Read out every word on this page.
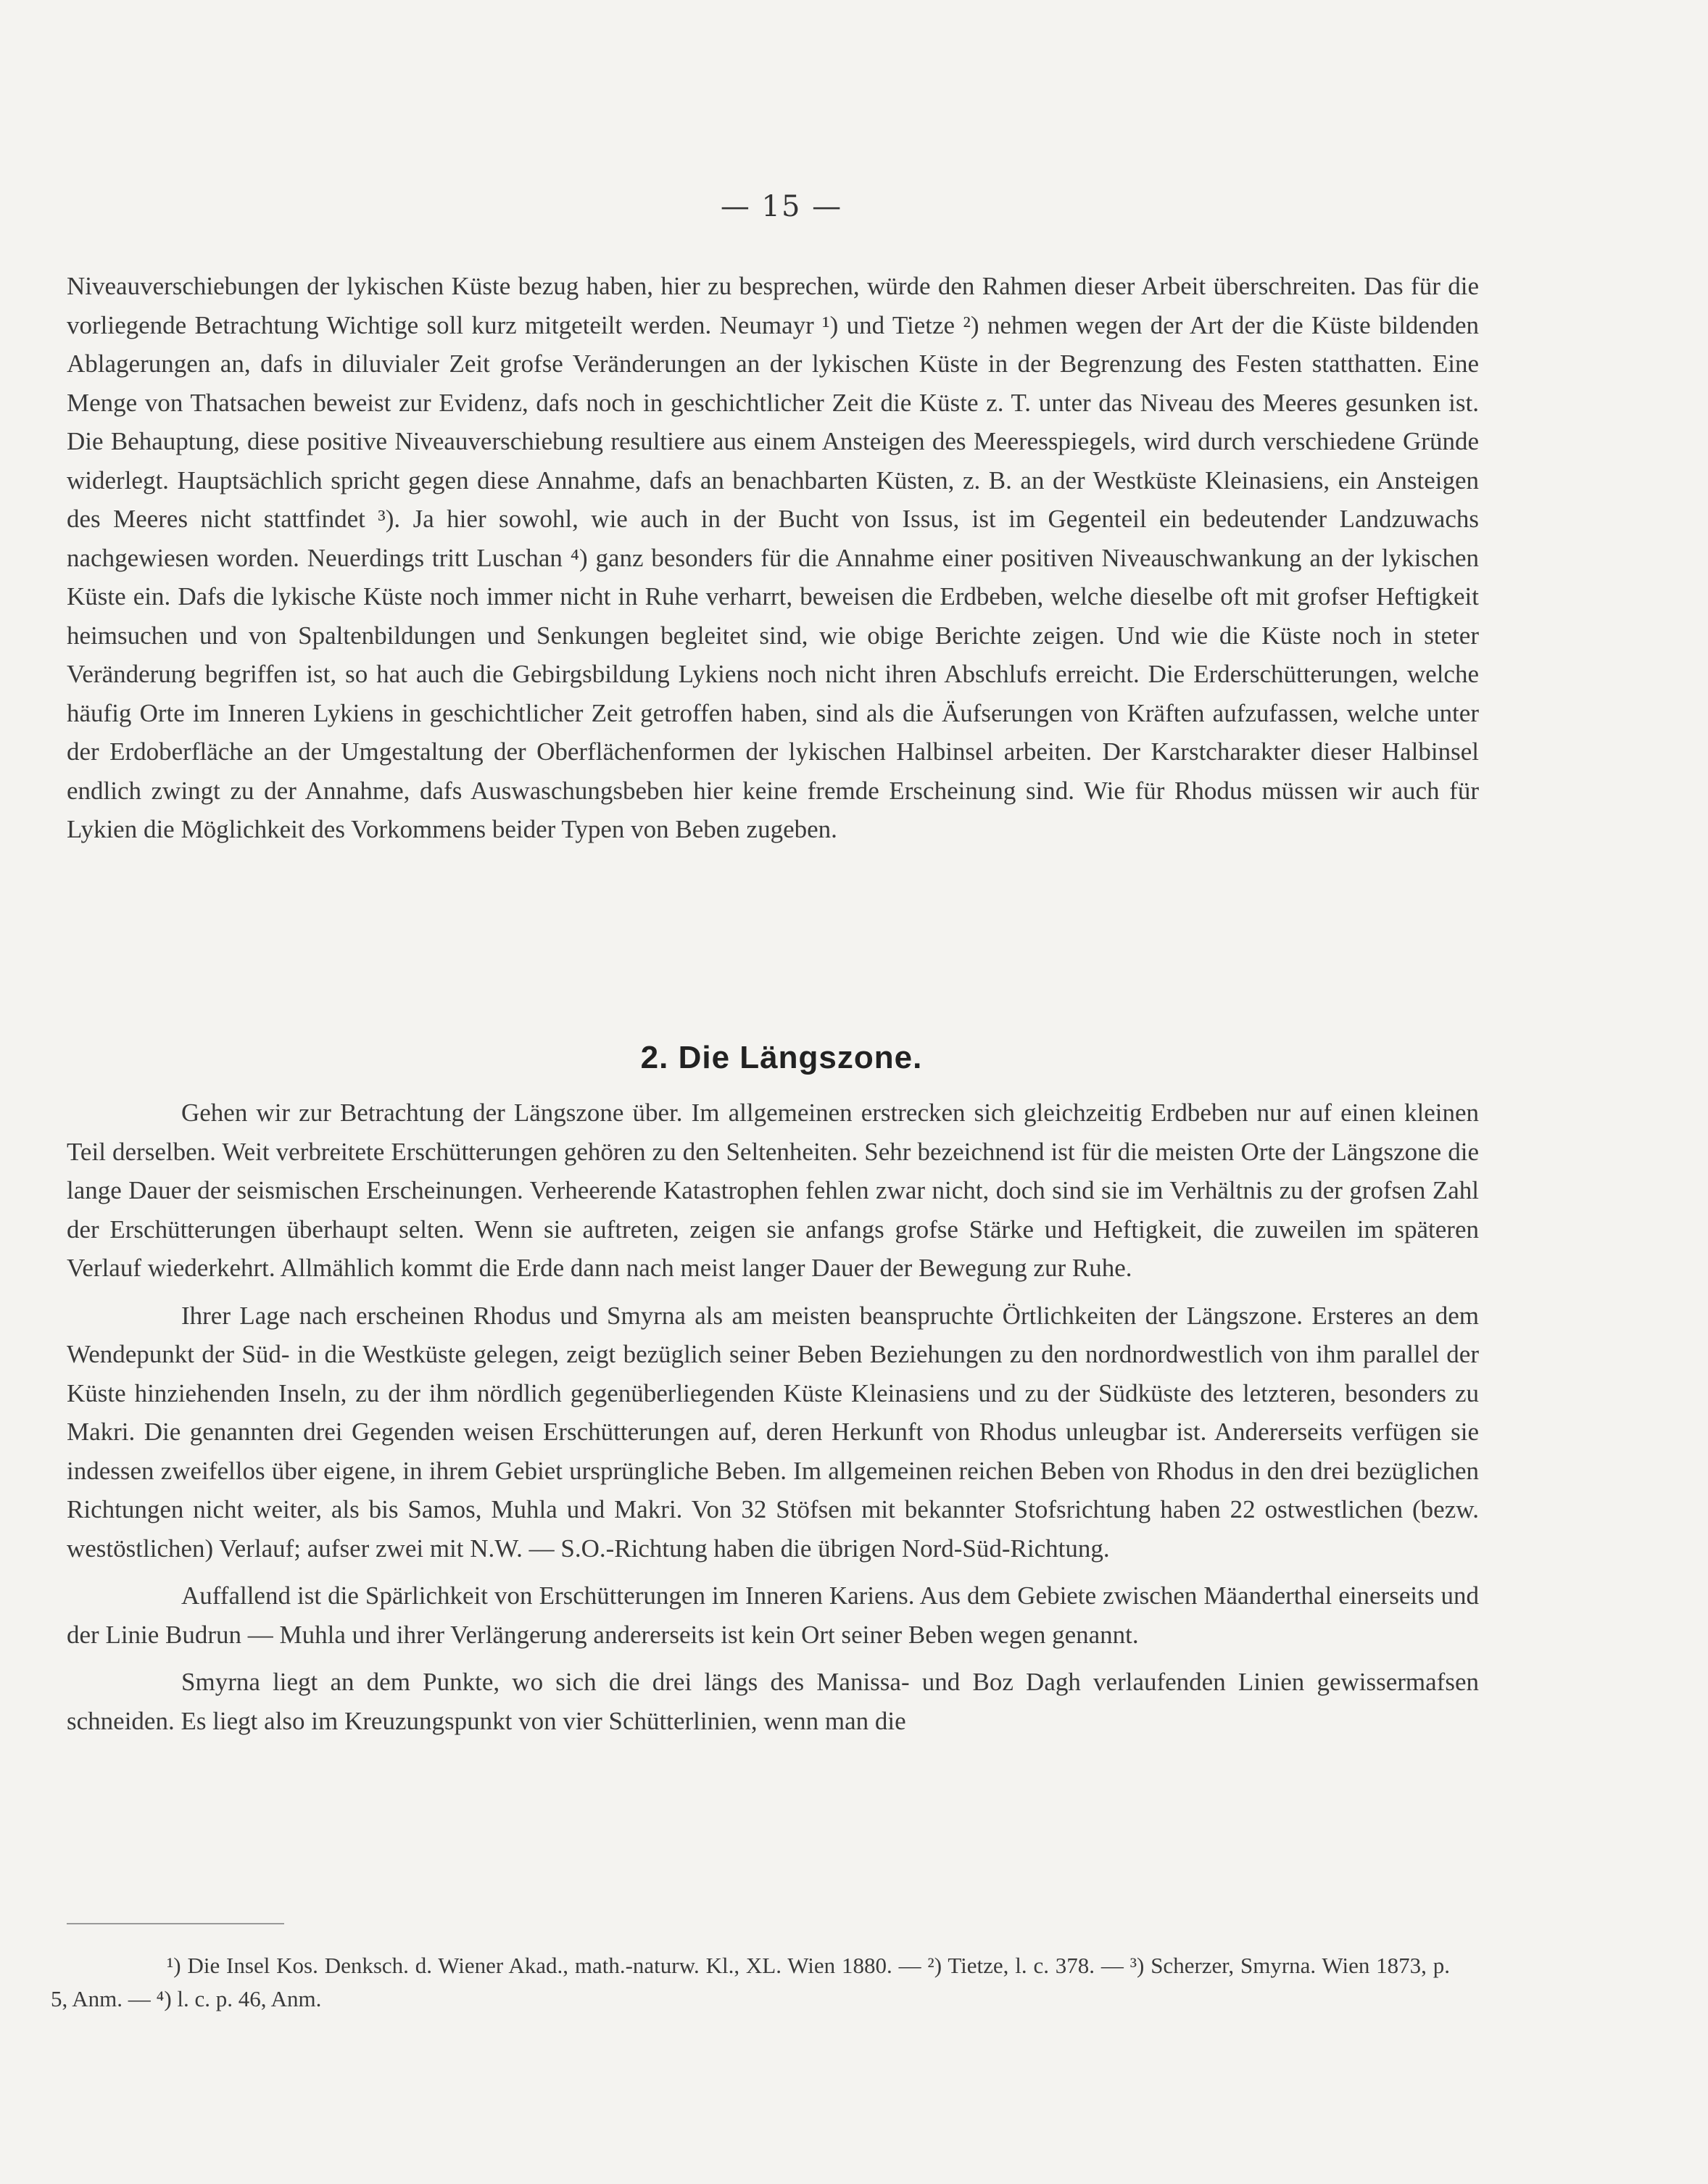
— 15 —

Niveauverschiebungen der lykischen Küste bezug haben, hier zu besprechen, würde den Rahmen dieser Arbeit überschreiten. Das für die vorliegende Betrachtung Wichtige soll kurz mitgeteilt werden. Neumayr ¹) und Tietze ²) nehmen wegen der Art der die Küste bildenden Ablagerungen an, dafs in diluvialer Zeit grofse Veränderungen an der lykischen Küste in der Begrenzung des Festen statthatten. Eine Menge von Thatsachen beweist zur Evidenz, dafs noch in geschichtlicher Zeit die Küste z. T. unter das Niveau des Meeres gesunken ist. Die Behauptung, diese positive Niveauverschiebung resultiere aus einem Ansteigen des Meeresspiegels, wird durch verschiedene Gründe widerlegt. Hauptsächlich spricht gegen diese Annahme, dafs an benachbarten Küsten, z. B. an der Westküste Kleinasiens, ein Ansteigen des Meeres nicht stattfindet ³). Ja hier sowohl, wie auch in der Bucht von Issus, ist im Gegenteil ein bedeutender Landzuwachs nachgewiesen worden. Neuerdings tritt Luschan ⁴) ganz besonders für die Annahme einer positiven Niveauschwankung an der lykischen Küste ein. Dafs die lykische Küste noch immer nicht in Ruhe verharrt, beweisen die Erdbeben, welche dieselbe oft mit grofser Heftigkeit heimsuchen und von Spaltenbildungen und Senkungen begleitet sind, wie obige Berichte zeigen. Und wie die Küste noch in steter Veränderung begriffen ist, so hat auch die Gebirgsbildung Lykiens noch nicht ihren Abschlufs erreicht. Die Erderschütterungen, welche häufig Orte im Inneren Lykiens in geschichtlicher Zeit getroffen haben, sind als die Äufserungen von Kräften aufzufassen, welche unter der Erdoberfläche an der Umgestaltung der Oberflächenformen der lykischen Halbinsel arbeiten. Der Karstcharakter dieser Halbinsel endlich zwingt zu der Annahme, dafs Auswaschungsbeben hier keine fremde Erscheinung sind. Wie für Rhodus müssen wir auch für Lykien die Möglichkeit des Vorkommens beider Typen von Beben zugeben.

2. Die Längszone.

Gehen wir zur Betrachtung der Längszone über. Im allgemeinen erstrecken sich gleichzeitig Erdbeben nur auf einen kleinen Teil derselben. Weit verbreitete Erschütterungen gehören zu den Seltenheiten. Sehr bezeichnend ist für die meisten Orte der Längszone die lange Dauer der seismischen Erscheinungen. Verheerende Katastrophen fehlen zwar nicht, doch sind sie im Verhältnis zu der grofsen Zahl der Erschütterungen überhaupt selten. Wenn sie auftreten, zeigen sie anfangs grofse Stärke und Heftigkeit, die zuweilen im späteren Verlauf wiederkehrt. Allmählich kommt die Erde dann nach meist langer Dauer der Bewegung zur Ruhe.

Ihrer Lage nach erscheinen Rhodus und Smyrna als am meisten beanspruchte Örtlichkeiten der Längszone. Ersteres an dem Wendepunkt der Süd- in die Westküste gelegen, zeigt bezüglich seiner Beben Beziehungen zu den nordnordwestlich von ihm parallel der Küste hinziehenden Inseln, zu der ihm nördlich gegenüberliegenden Küste Kleinasiens und zu der Südküste des letzteren, besonders zu Makri. Die genannten drei Gegenden weisen Erschütterungen auf, deren Herkunft von Rhodus unleugbar ist. Andererseits verfügen sie indessen zweifellos über eigene, in ihrem Gebiet ursprüngliche Beben. Im allgemeinen reichen Beben von Rhodus in den drei bezüglichen Richtungen nicht weiter, als bis Samos, Muhla und Makri. Von 32 Stöfsen mit bekannter Stofsrichtung haben 22 ostwestlichen (bezw. westöstlichen) Verlauf; aufser zwei mit N.W. — S.O.-Richtung haben die übrigen Nord-Süd-Richtung.

Auffallend ist die Spärlichkeit von Erschütterungen im Inneren Kariens. Aus dem Gebiete zwischen Mäanderthal einerseits und der Linie Budrun — Muhla und ihrer Verlängerung andererseits ist kein Ort seiner Beben wegen genannt.

Smyrna liegt an dem Punkte, wo sich die drei längs des Manissa- und Boz Dagh verlaufenden Linien gewissermafsen schneiden. Es liegt also im Kreuzungspunkt von vier Schütterlinien, wenn man die

¹) Die Insel Kos. Denksch. d. Wiener Akad., math.-naturw. Kl., XL. Wien 1880. — ²) Tietze, l. c. 378. — ³) Scherzer, Smyrna. Wien 1873, p. 5, Anm. — ⁴) l. c. p. 46, Anm.
